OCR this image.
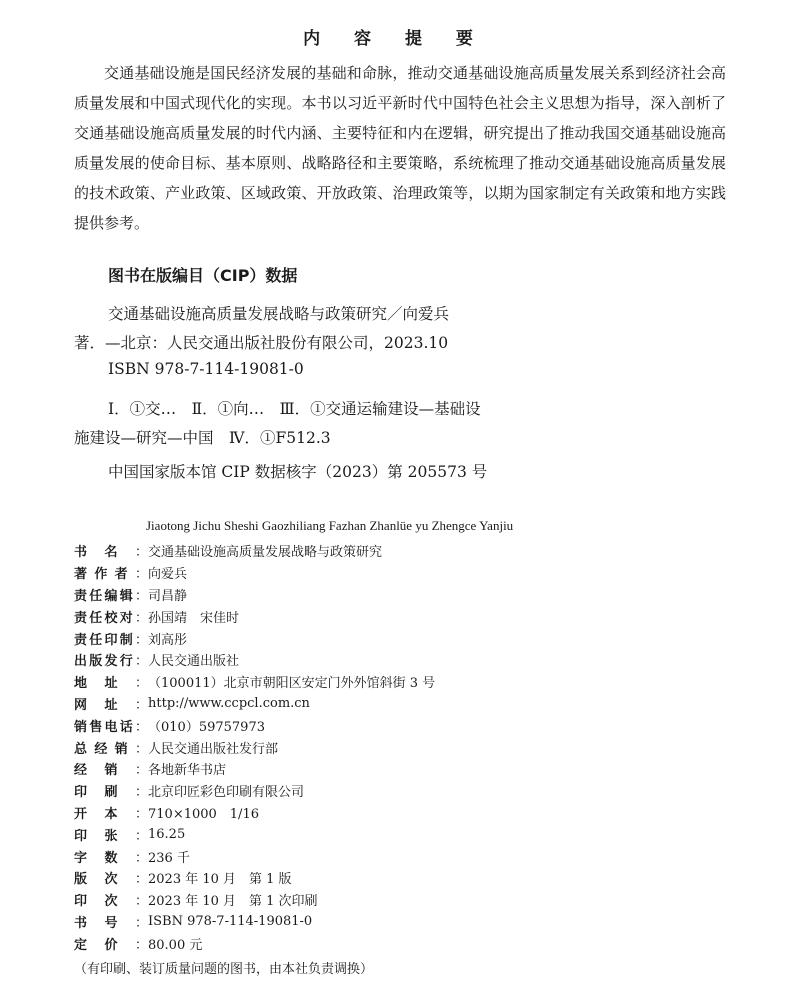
内 容 提 要
交通基础设施是国民经济发展的基础和命脉，推动交通基础设施高质量发展关系到经济社会高质量发展和中国式现代化的实现。本书以习近平新时代中国特色社会主义思想为指导，深入剖析了交通基础设施高质量发展的时代内涵、主要特征和内在逻辑，研究提出了推动我国交通基础设施高质量发展的使命目标、基本原则、战略路径和主要策略，系统梳理了推动交通基础设施高质量发展的技术政策、产业政策、区域政策、开放政策、治理政策等，以期为国家制定有关政策和地方实践提供参考。
图书在版编目（CIP）数据
交通基础设施高质量发展战略与政策研究／向爱兵
著．—北京：人民交通出版社股份有限公司，2023.10
ISBN 978-7-114-19081-0
Ⅰ．①交…　Ⅱ．①向…　Ⅲ．①交通运输建设—基础设
施建设—研究—中国　Ⅳ．①F512.3
中国国家版本馆 CIP 数据核字（2023）第 205573 号
Jiaotong Jichu Sheshi Gaozhiliang Fazhan Zhanlüe yu Zhengce Yanjiu
书 名 ： 交通基础设施高质量发展战略与政策研究
著 作 者 ： 向爱兵
责 任 编 辑 ： 司昌静
责 任 校 对 ： 孙国靖　宋佳时
责 任 印 制 ： 刘高彤
出 版 发 行 ： 人民交通出版社
地 址 ： （100011）北京市朝阳区安定门外外馆斜街 3 号
网 址 ： http://www.ccpcl.com.cn
销 售 电 话 ： （010）59757973
总 经 销 ： 人民交通出版社发行部
经 销 ： 各地新华书店
印 刷 ： 北京印匠彩色印刷有限公司
开 本 ： 710×1000　1/16
印 张 ： 16.25
字 数 ： 236 千
版 次 ： 2023 年 10 月　第 1 版
印 次 ： 2023 年 10 月　第 1 次印刷
书 号 ： ISBN 978-7-114-19081-0
定 价 ： 80.00 元
（有印刷、装订质量问题的图书，由本社负责调换）
